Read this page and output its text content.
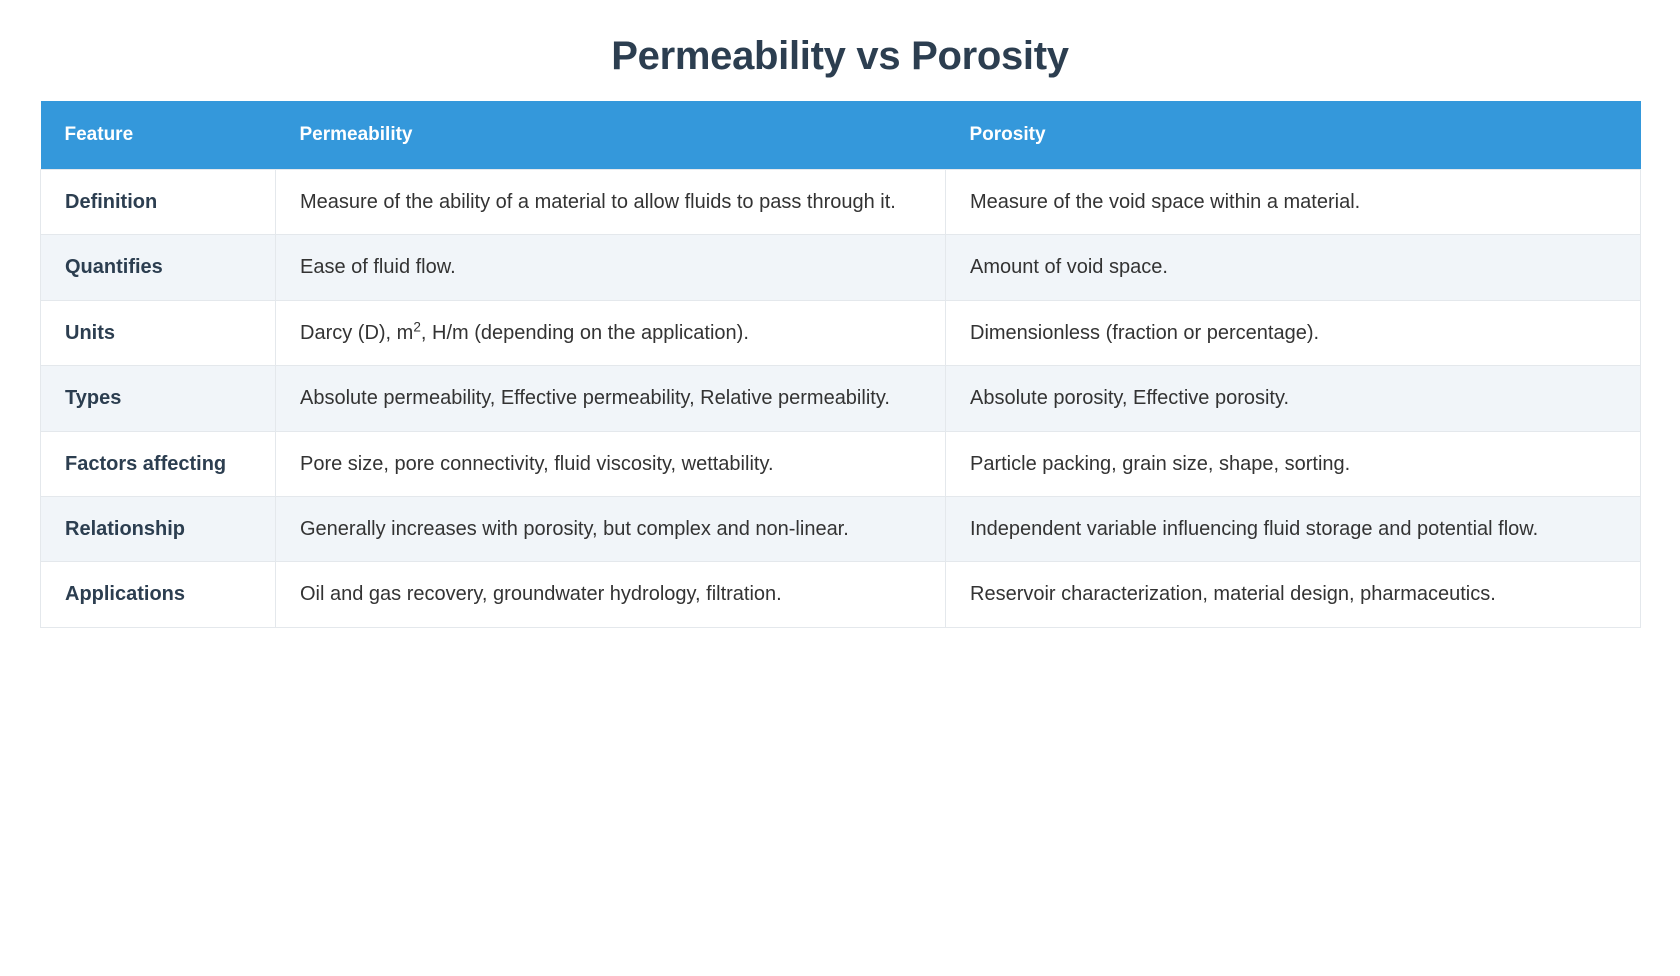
Permeability vs Porosity
Feature	Permeability	Porosity
Definition	Measure of the ability of a material to allow fluids to pass through it.	Measure of the void space within a material.
Quantifies	Ease of fluid flow.	Amount of void space.
Units	Darcy (D), $m^2$, H/m (depending on the application).	Dimensionless (fraction or percentage).
Types	Absolute permeability, Effective permeability, Relative permeability.	Absolute porosity, Effective porosity.
Factors affecting	Pore size, pore connectivity, fluid viscosity, wettability.	Particle packing, grain size, shape, sorting.
Relationship	Generally increases with porosity, but complex and non-linear.	Independent variable influencing fluid storage and potential flow.
Applications	Oil and gas recovery, groundwater hydrology, filtration.	Reservoir characterization, material design, pharmaceutics.
